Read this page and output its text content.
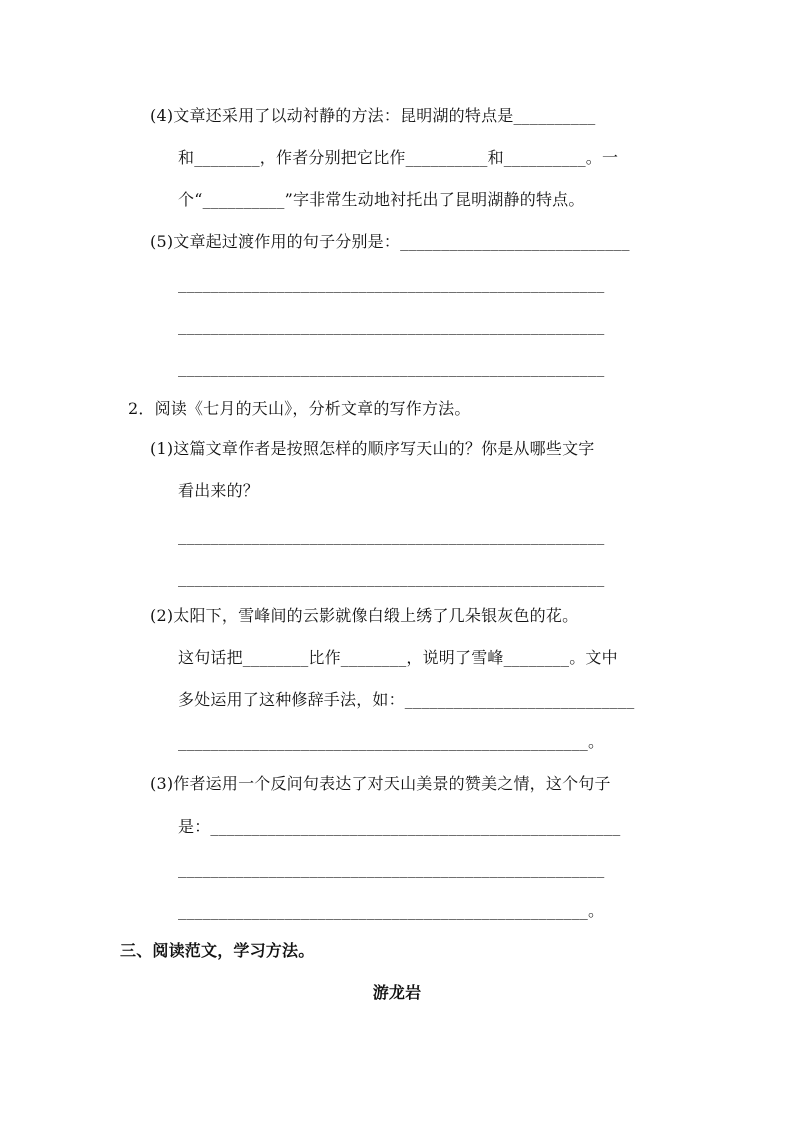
(4)文章还采用了以动衬静的方法：昆明湖的特点是__________
和________，作者分别把它比作__________和__________。一
个“__________”字非常生动地衬托出了昆明湖静的特点。
(5)文章起过渡作用的句子分别是：____________________________
____________________________________________________
____________________________________________________
____________________________________________________
2．阅读《七月的天山》，分析文章的写作方法。
(1)这篇文章作者是按照怎样的顺序写天山的？你是从哪些文字
看出来的？
____________________________________________________
____________________________________________________
(2)太阳下，雪峰间的云影就像白缎上绣了几朵银灰色的花。
这句话把________比作________，说明了雪峰________。文中
多处运用了这种修辞手法，如：____________________________
__________________________________________________。
(3)作者运用一个反问句表达了对天山美景的赞美之情，这个句子
是：__________________________________________________
____________________________________________________
__________________________________________________。
三、阅读范文，学习方法。
游龙岩
